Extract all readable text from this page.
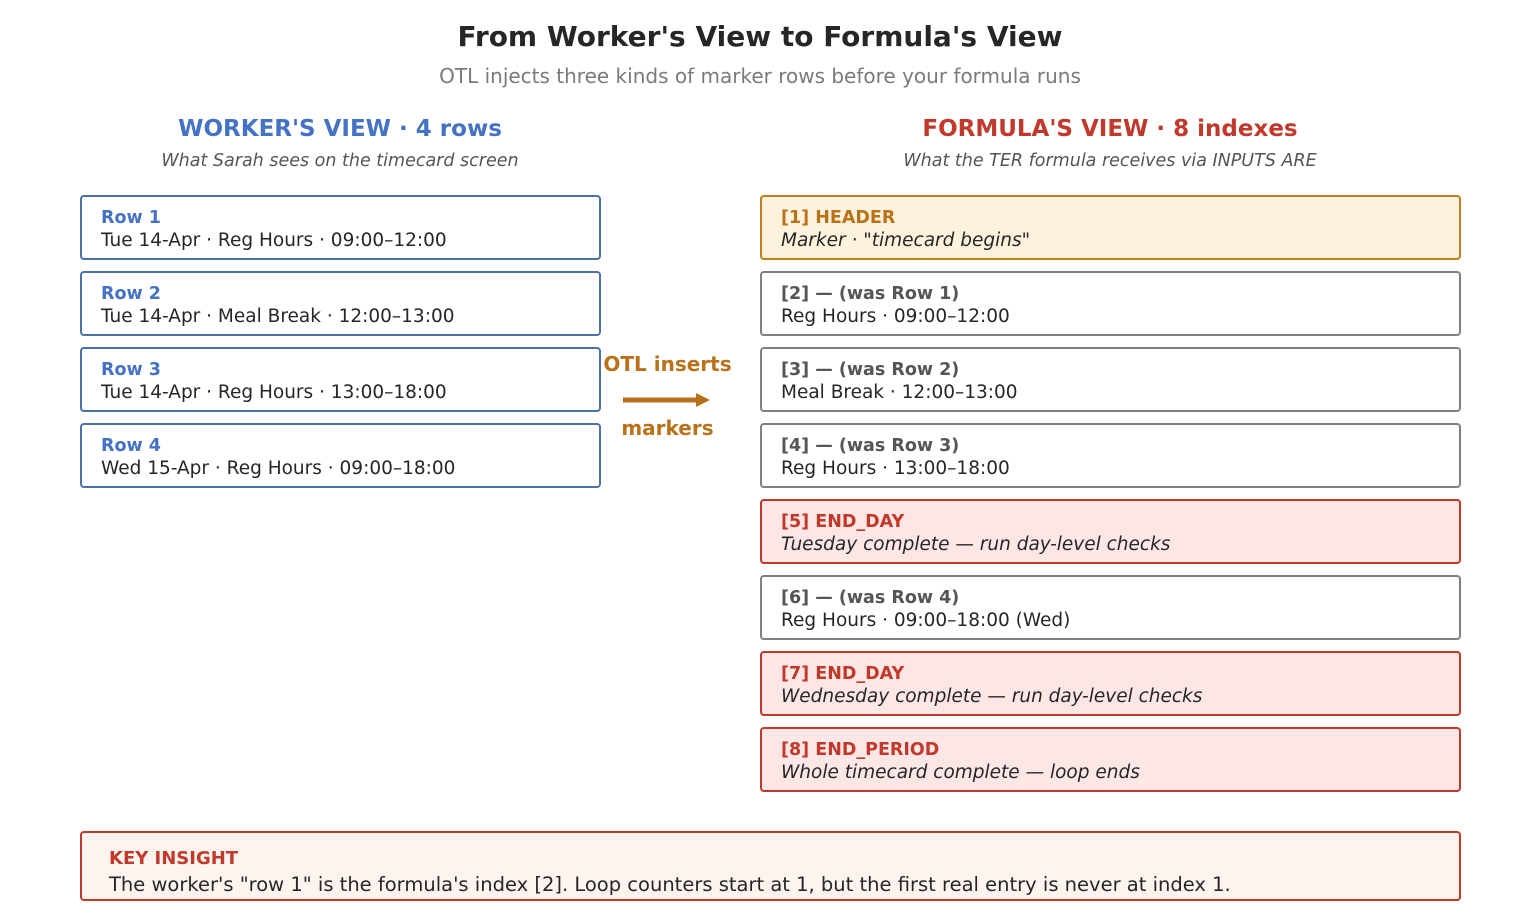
From Worker's View to Formula's View
OTL injects three kinds of marker rows before your formula runs
WORKER'S VIEW · 4 rows
What Sarah sees on the timecard screen
FORMULA'S VIEW · 8 indexes
What the TER formula receives via INPUTS ARE
Row 1
Tue 14-Apr · Reg Hours · 09:00–12:00
Row 2
Tue 14-Apr · Meal Break · 12:00–13:00
Row 3
Tue 14-Apr · Reg Hours · 13:00–18:00
Row 4
Wed 15-Apr · Reg Hours · 09:00–18:00
OTL inserts
markers
[1] HEADER
Marker · "timecard begins"
[2] — (was Row 1)
Reg Hours · 09:00–12:00
[3] — (was Row 2)
Meal Break · 12:00–13:00
[4] — (was Row 3)
Reg Hours · 13:00–18:00
[5] END_DAY
Tuesday complete — run day-level checks
[6] — (was Row 4)
Reg Hours · 09:00–18:00 (Wed)
[7] END_DAY
Wednesday complete — run day-level checks
[8] END_PERIOD
Whole timecard complete — loop ends
KEY INSIGHT
The worker's "row 1" is the formula's index [2]. Loop counters start at 1, but the first real entry is never at index 1.
